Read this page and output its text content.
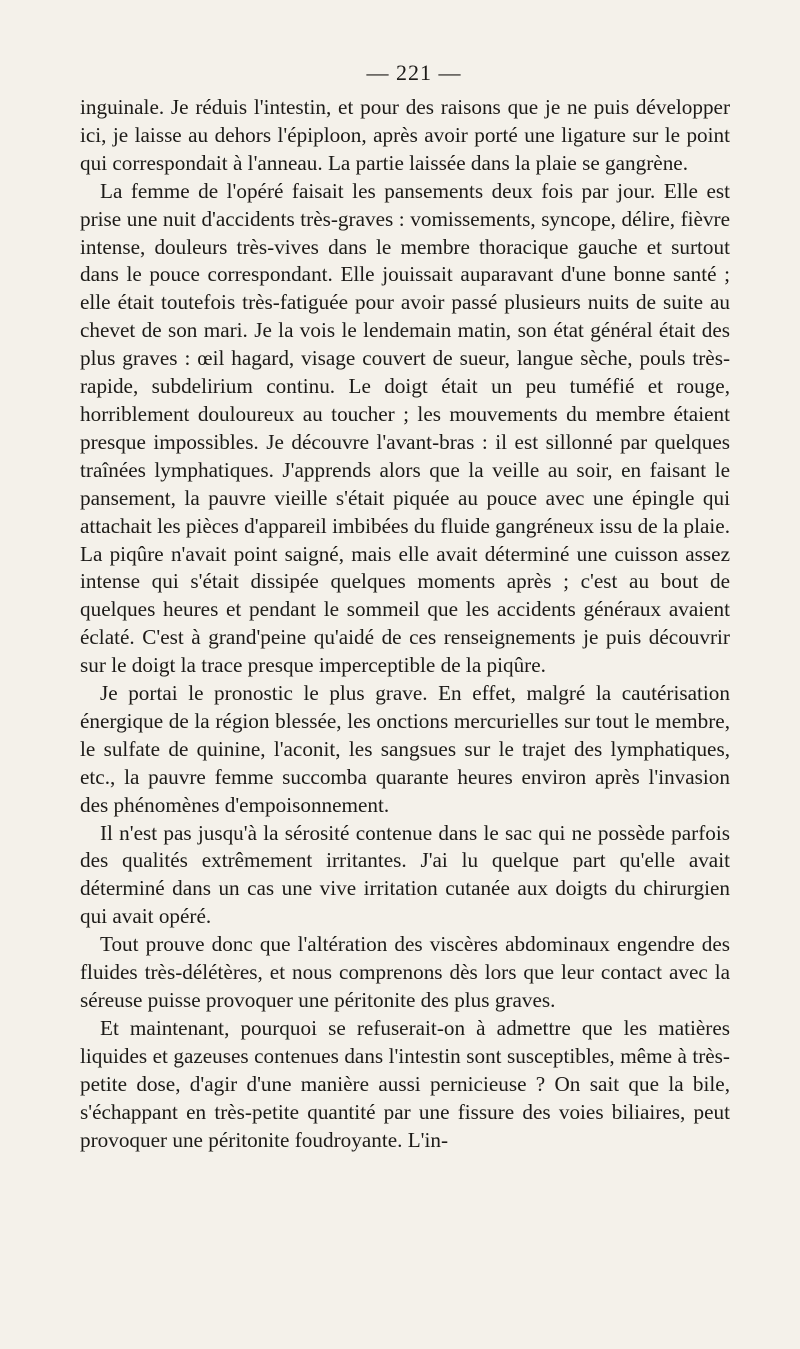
— 221 —

inguinale. Je réduis l'intestin, et pour des raisons que je ne puis développer ici, je laisse au dehors l'épiploon, après avoir porté une ligature sur le point qui correspondait à l'anneau. La partie laissée dans la plaie se gangrène.

La femme de l'opéré faisait les pansements deux fois par jour. Elle est prise une nuit d'accidents très-graves : vomissements, syncope, délire, fièvre intense, douleurs très-vives dans le membre thoracique gauche et surtout dans le pouce correspondant. Elle jouissait auparavant d'une bonne santé ; elle était toutefois très-fatiguée pour avoir passé plusieurs nuits de suite au chevet de son mari. Je la vois le lendemain matin, son état général était des plus graves : œil hagard, visage couvert de sueur, langue sèche, pouls très-rapide, subdelirium continu. Le doigt était un peu tuméfié et rouge, horriblement douloureux au toucher ; les mouvements du membre étaient presque impossibles. Je découvre l'avant-bras : il est sillonné par quelques traînées lymphatiques. J'apprends alors que la veille au soir, en faisant le pansement, la pauvre vieille s'était piquée au pouce avec une épingle qui attachait les pièces d'appareil imbibées du fluide gangréneux issu de la plaie. La piqûre n'avait point saigné, mais elle avait déterminé une cuisson assez intense qui s'était dissipée quelques moments après ; c'est au bout de quelques heures et pendant le sommeil que les accidents généraux avaient éclaté. C'est à grand'peine qu'aidé de ces renseignements je puis découvrir sur le doigt la trace presque imperceptible de la piqûre.

Je portai le pronostic le plus grave. En effet, malgré la cautérisation énergique de la région blessée, les onctions mercurielles sur tout le membre, le sulfate de quinine, l'aconit, les sangsues sur le trajet des lymphatiques, etc., la pauvre femme succomba quarante heures environ après l'invasion des phénomènes d'empoisonnement.

Il n'est pas jusqu'à la sérosité contenue dans le sac qui ne possède parfois des qualités extrêmement irritantes. J'ai lu quelque part qu'elle avait déterminé dans un cas une vive irritation cutanée aux doigts du chirurgien qui avait opéré.

Tout prouve donc que l'altération des viscères abdominaux engendre des fluides très-délétères, et nous comprenons dès lors que leur contact avec la séreuse puisse provoquer une péritonite des plus graves.

Et maintenant, pourquoi se refuserait-on à admettre que les matières liquides et gazeuses contenues dans l'intestin sont susceptibles, même à très-petite dose, d'agir d'une manière aussi pernicieuse ? On sait que la bile, s'échappant en très-petite quantité par une fissure des voies biliaires, peut provoquer une péritonite foudroyante. L'in-
